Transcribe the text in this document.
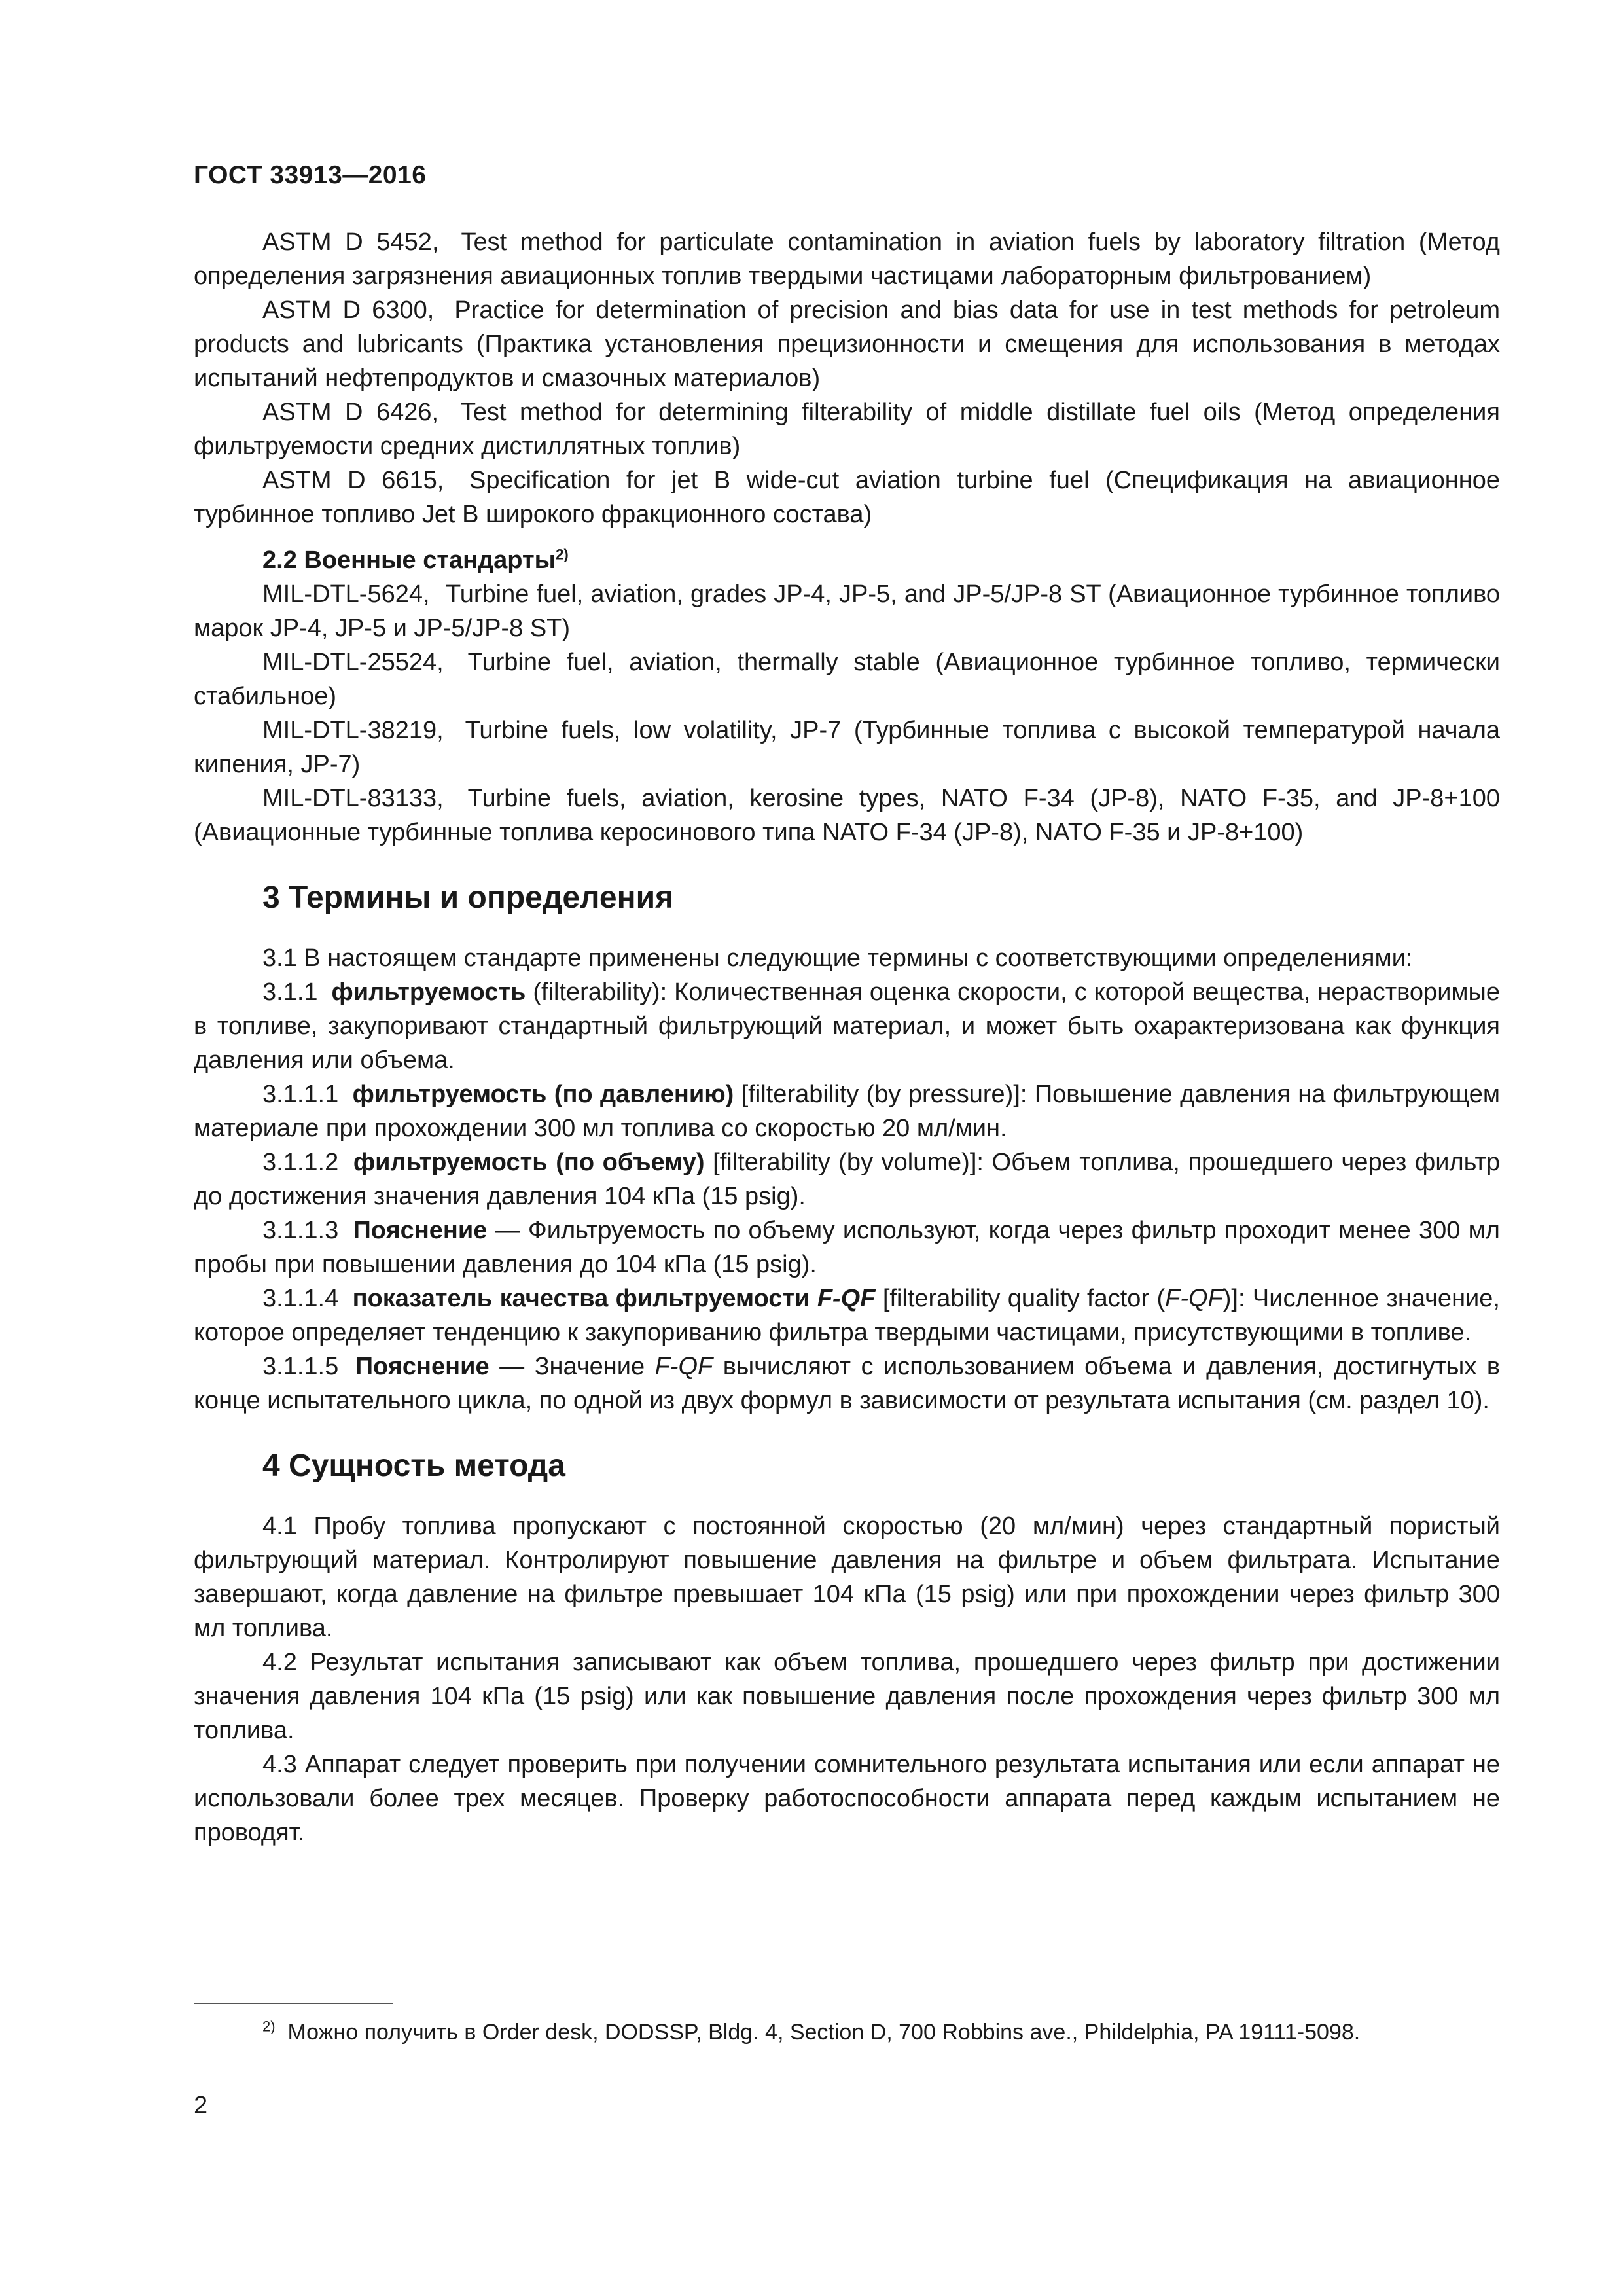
ГОСТ 33913—2016

ASTM D 5452, Test method for particulate contamination in aviation fuels by laboratory filtration (Метод определения загрязнения авиационных топлив твердыми частицами лабораторным фильтрованием)

ASTM D 6300, Practice for determination of precision and bias data for use in test methods for petroleum products and lubricants (Практика установления прецизионности и смещения для использования в методах испытаний нефтепродуктов и смазочных материалов)

ASTM D 6426, Test method for determining filterability of middle distillate fuel oils (Метод определения фильтруемости средних дистиллятных топлив)

ASTM D 6615, Specification for jet B wide-cut aviation turbine fuel (Спецификация на авиационное турбинное топливо Jet B широкого фракционного состава)

2.2 Военные стандарты$^{2)}$

MIL-DTL-5624, Turbine fuel, aviation, grades JP-4, JP-5, and JP-5/JP-8 ST (Авиационное турбинное топливо марок JP-4, JP-5 и JP-5/JP-8 ST)

MIL-DTL-25524, Turbine fuel, aviation, thermally stable (Авиационное турбинное топливо, термически стабильное)

MIL-DTL-38219, Turbine fuels, low volatility, JP-7 (Турбинные топлива с высокой температурой начала кипения, JP-7)

MIL-DTL-83133, Turbine fuels, aviation, kerosine types, NATO F-34 (JP-8), NATO F-35, and JP-8+100 (Авиационные турбинные топлива керосинового типа NATO F-34 (JP-8), NATO F-35 и JP-8+100)

3 Термины и определения

3.1 В настоящем стандарте применены следующие термины с соответствующими определениями:

3.1.1 фильтруемость (filterability): Количественная оценка скорости, с которой вещества, нерастворимые в топливе, закупоривают стандартный фильтрующий материал, и может быть охарактеризована как функция давления или объема.

3.1.1.1 фильтруемость (по давлению) [filterability (by pressure)]: Повышение давления на фильтрующем материале при прохождении 300 мл топлива со скоростью 20 мл/мин.

3.1.1.2 фильтруемость (по объему) [filterability (by volume)]: Объем топлива, прошедшего через фильтр до достижения значения давления 104 кПа (15 psig).

3.1.1.3 Пояснение — Фильтруемость по объему используют, когда через фильтр проходит менее 300 мл пробы при повышении давления до 104 кПа (15 psig).

3.1.1.4 показатель качества фильтруемости F-QF [filterability quality factor (F-QF)]: Численное значение, которое определяет тенденцию к закупориванию фильтра твердыми частицами, присутствующими в топливе.

3.1.1.5 Пояснение — Значение F-QF вычисляют с использованием объема и давления, достигнутых в конце испытательного цикла, по одной из двух формул в зависимости от результата испытания (см. раздел 10).

4 Сущность метода

4.1 Пробу топлива пропускают с постоянной скоростью (20 мл/мин) через стандартный пористый фильтрующий материал. Контролируют повышение давления на фильтре и объем фильтрата. Испытание завершают, когда давление на фильтре превышает 104 кПа (15 psig) или при прохождении через фильтр 300 мл топлива.

4.2 Результат испытания записывают как объем топлива, прошедшего через фильтр при достижении значения давления 104 кПа (15 psig) или как повышение давления после прохождения через фильтр 300 мл топлива.

4.3 Аппарат следует проверить при получении сомнительного результата испытания или если аппарат не использовали более трех месяцев. Проверку работоспособности аппарата перед каждым испытанием не проводят.

$^{2)}$ Можно получить в Order desk, DODSSP, Bldg. 4, Section D, 700 Robbins ave., Phildelphia, PA 19111-5098.
2
